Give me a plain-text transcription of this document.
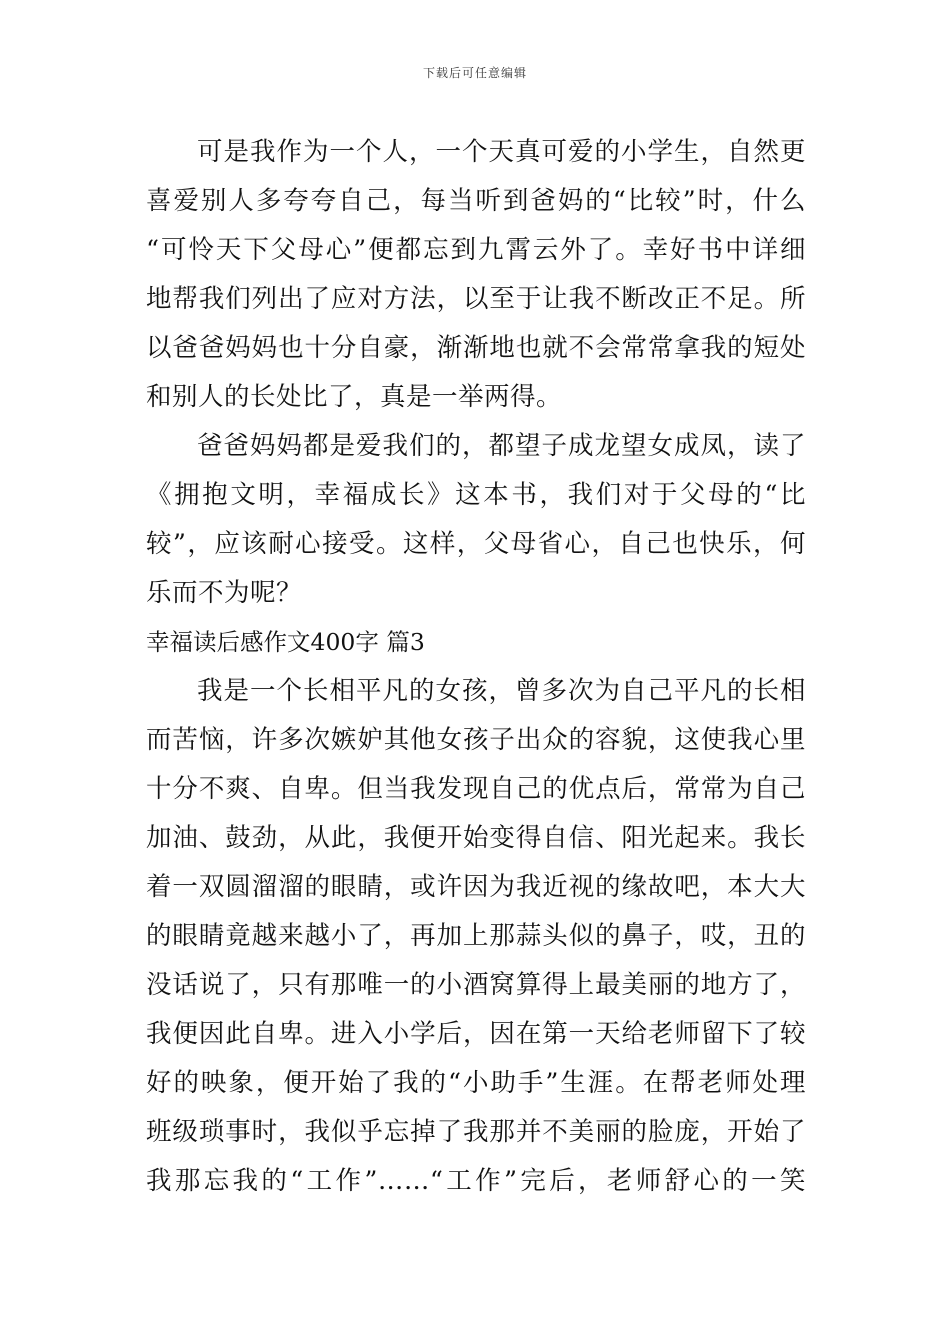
下载后可任意编辑
可是我作为一个人，一个天真可爱的小学生，自然更
喜爱别人多夸夸自己，每当听到爸妈的“比较”时，什么
“可怜天下父母心”便都忘到九霄云外了。幸好书中详细
地帮我们列出了应对方法，以至于让我不断改正不足。所
以爸爸妈妈也十分自豪，渐渐地也就不会常常拿我的短处
和别人的长处比了，真是一举两得。
爸爸妈妈都是爱我们的，都望子成龙望女成凤，读了
《拥抱文明，幸福成长》这本书，我们对于父母的“比
较”，应该耐心接受。这样，父母省心，自己也快乐，何
乐而不为呢？
幸福读后感作文400字 篇3
我是一个长相平凡的女孩，曾多次为自己平凡的长相
而苦恼，许多次嫉妒其他女孩子出众的容貌，这使我心里
十分不爽、自卑。但当我发现自己的优点后，常常为自己
加油、鼓劲，从此，我便开始变得自信、阳光起来。我长
着一双圆溜溜的眼睛，或许因为我近视的缘故吧，本大大
的眼睛竟越来越小了，再加上那蒜头似的鼻子，哎，丑的
没话说了，只有那唯一的小酒窝算得上最美丽的地方了，
我便因此自卑。进入小学后，因在第一天给老师留下了较
好的映象，便开始了我的“小助手”生涯。在帮老师处理
班级琐事时，我似乎忘掉了我那并不美丽的脸庞，开始了
我那忘我的“工作”……“工作”完后，老师舒心的一笑
